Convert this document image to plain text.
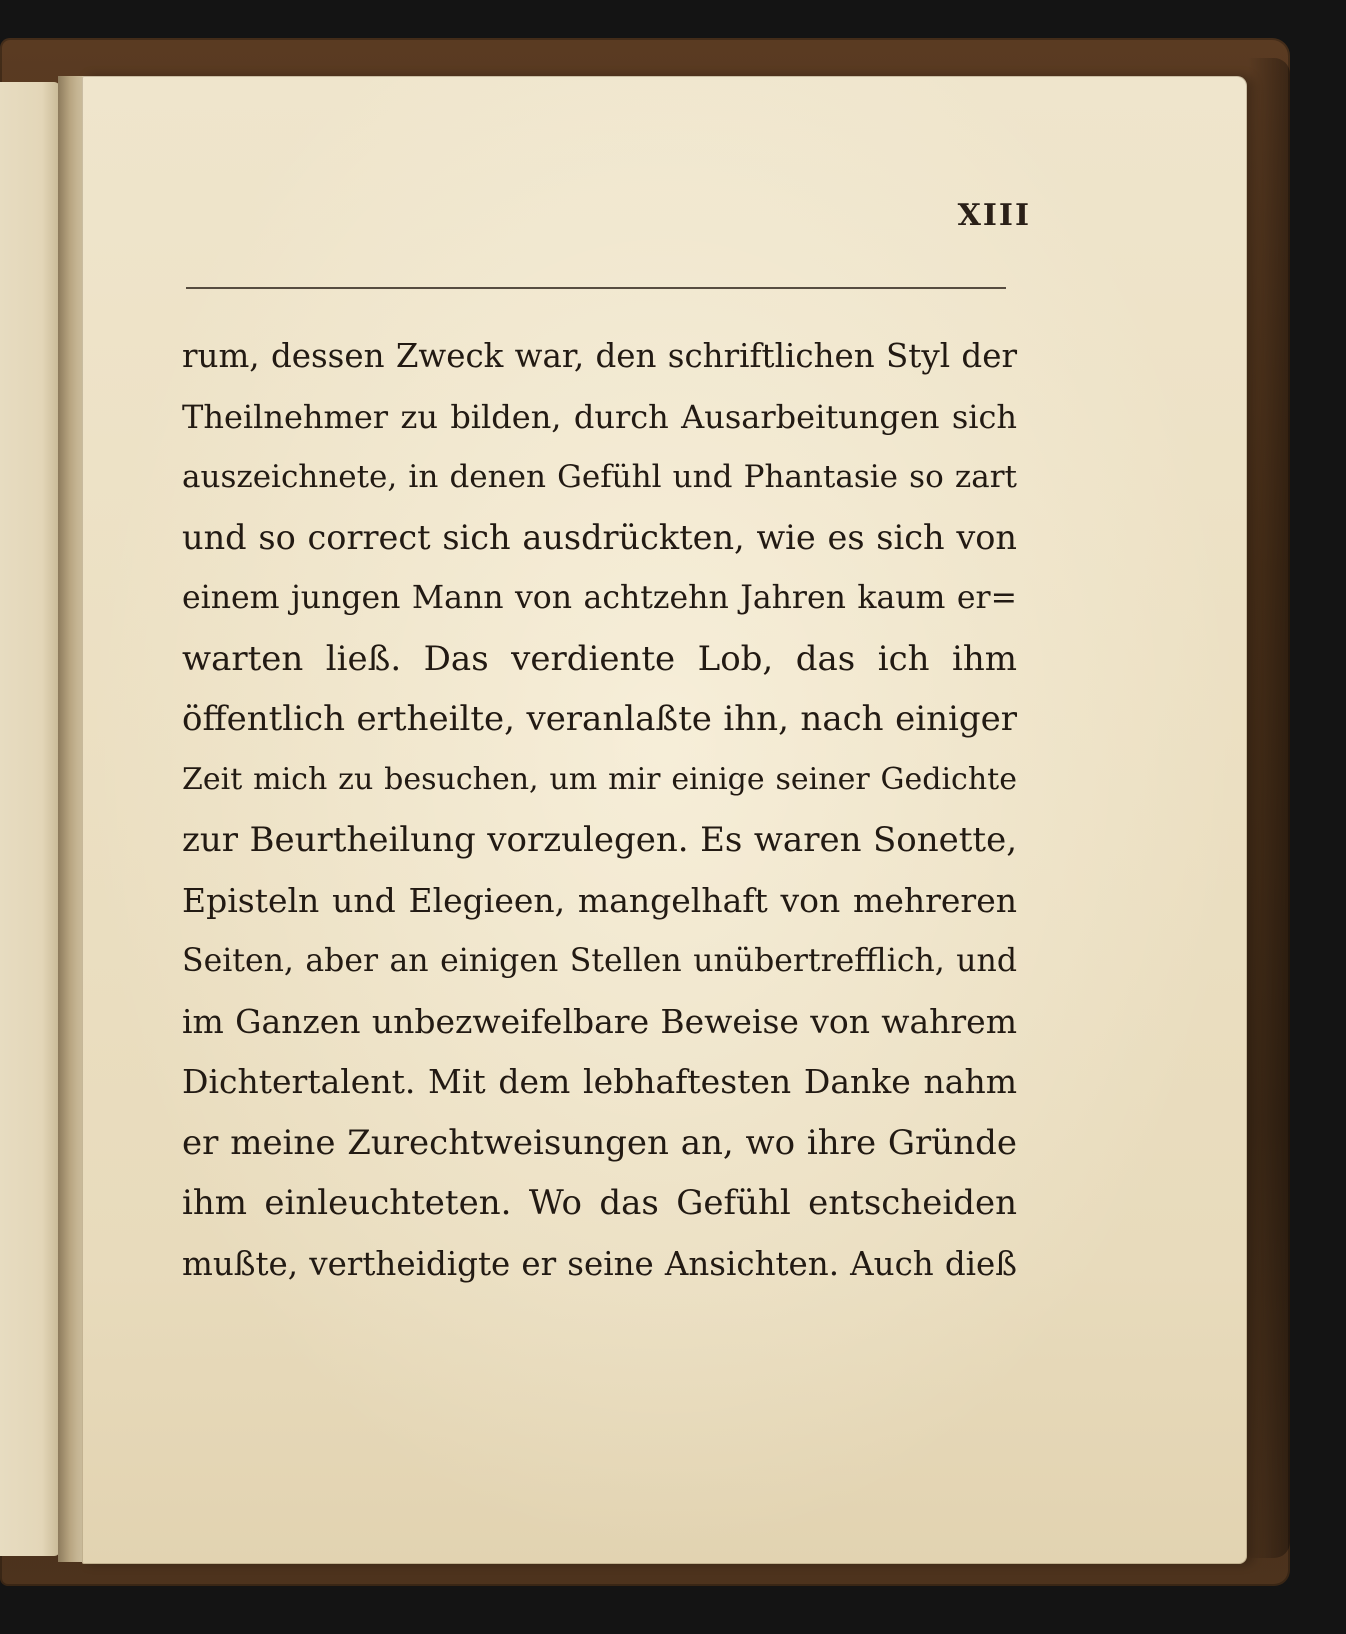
XIII
rum, dessen Zweck war, den schriftlichen Styl der
Theilnehmer zu bilden, durch Ausarbeitungen sich
auszeichnete, in denen Gefühl und Phantasie so zart
und so correct sich ausdrückten, wie es sich von
einem jungen Mann von achtzehn Jahren kaum er=
warten ließ. Das verdiente Lob, das ich ihm
öffentlich ertheilte, veranlaßte ihn, nach einiger
Zeit mich zu besuchen, um mir einige seiner Gedichte
zur Beurtheilung vorzulegen. Es waren Sonette,
Episteln und Elegieen, mangelhaft von mehreren
Seiten, aber an einigen Stellen unübertrefflich, und
im Ganzen unbezweifelbare Beweise von wahrem
Dichtertalent. Mit dem lebhaftesten Danke nahm
er meine Zurechtweisungen an, wo ihre Gründe
ihm einleuchteten. Wo das Gefühl entscheiden
mußte, vertheidigte er seine Ansichten. Auch dieß
